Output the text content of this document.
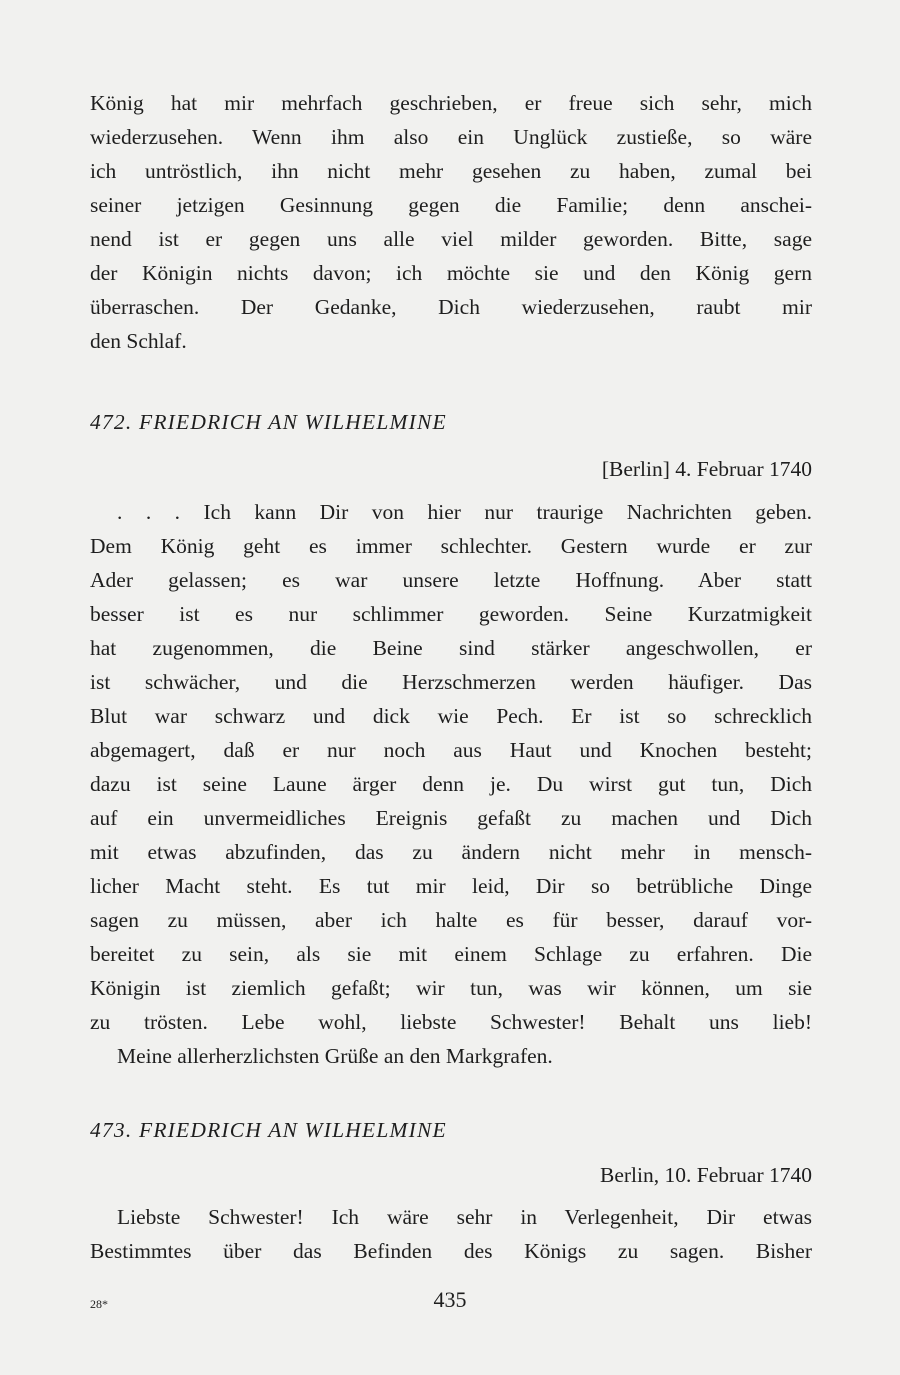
König hat mir mehrfach geschrieben, er freue sich sehr, mich
wiederzusehen. Wenn ihm also ein Unglück zustieße, so wäre
ich untröstlich, ihn nicht mehr gesehen zu haben, zumal bei
seiner jetzigen Gesinnung gegen die Familie; denn anschei-
nend ist er gegen uns alle viel milder geworden. Bitte, sage
der Königin nichts davon; ich möchte sie und den König gern
überraschen. Der Gedanke, Dich wiederzusehen, raubt mir
den Schlaf.
472. FRIEDRICH AN WILHELMINE
[Berlin] 4. Februar 1740
. . . Ich kann Dir von hier nur traurige Nachrichten geben.
Dem König geht es immer schlechter. Gestern wurde er zur
Ader gelassen; es war unsere letzte Hoffnung. Aber statt
besser ist es nur schlimmer geworden. Seine Kurzatmigkeit
hat zugenommen, die Beine sind stärker angeschwollen, er
ist schwächer, und die Herzschmerzen werden häufiger. Das
Blut war schwarz und dick wie Pech. Er ist so schrecklich
abgemagert, daß er nur noch aus Haut und Knochen besteht;
dazu ist seine Laune ärger denn je. Du wirst gut tun, Dich
auf ein unvermeidliches Ereignis gefaßt zu machen und Dich
mit etwas abzufinden, das zu ändern nicht mehr in mensch-
licher Macht steht. Es tut mir leid, Dir so betrübliche Dinge
sagen zu müssen, aber ich halte es für besser, darauf vor-
bereitet zu sein, als sie mit einem Schlage zu erfahren. Die
Königin ist ziemlich gefaßt; wir tun, was wir können, um sie
zu trösten. Lebe wohl, liebste Schwester! Behalt uns lieb!
Meine allerherzlichsten Grüße an den Markgrafen.
473. FRIEDRICH AN WILHELMINE
Berlin, 10. Februar 1740
Liebste Schwester! Ich wäre sehr in Verlegenheit, Dir etwas
Bestimmtes über das Befinden des Königs zu sagen. Bisher
28*	435
